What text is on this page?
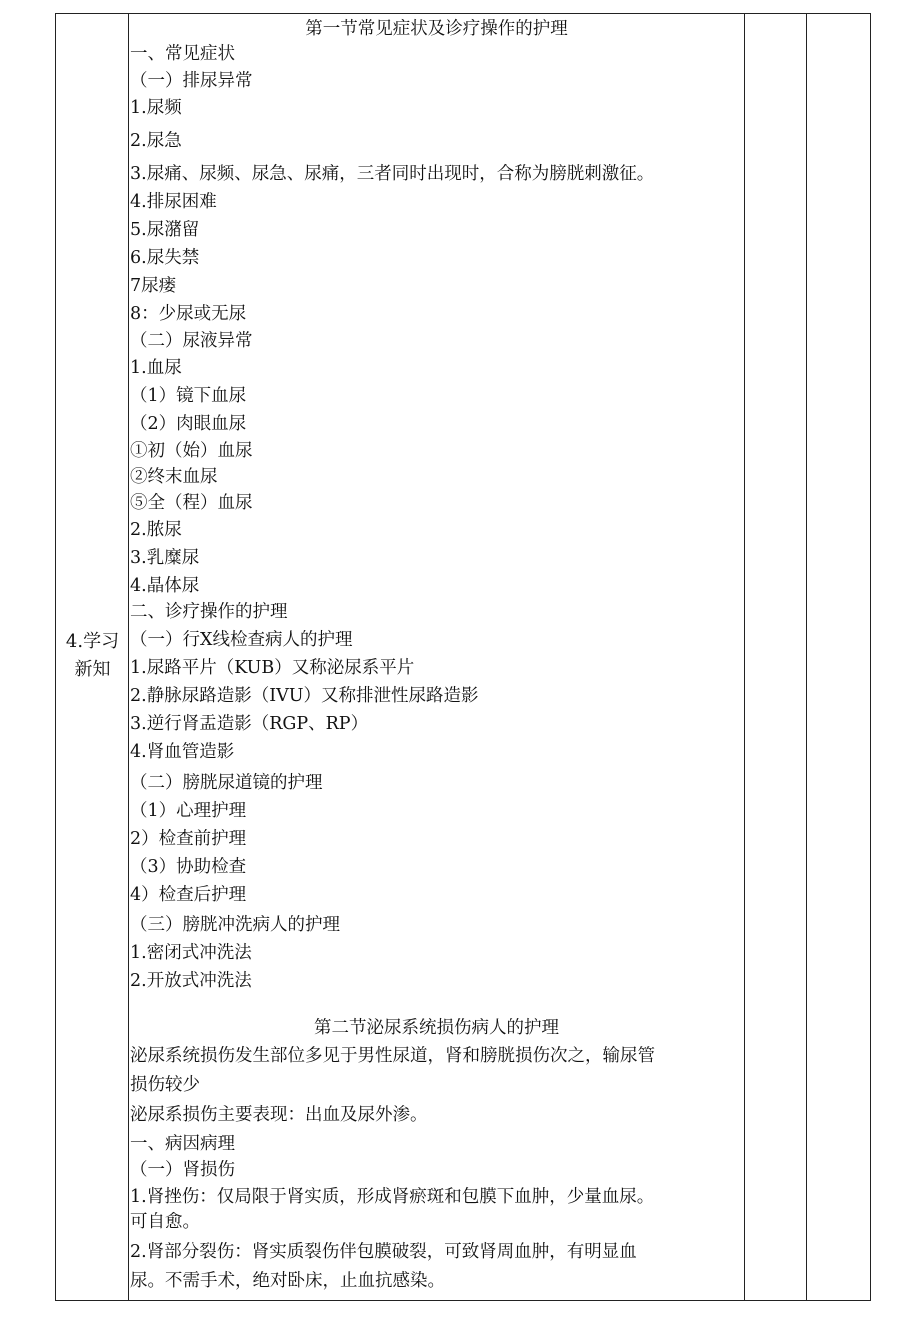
4.学习
新知
第一节常见症状及诊疗操作的护理
一、常见症状
（一）排尿异常
1.尿频
2.尿急
3.尿痛、尿频、尿急、尿痛，三者同时出现时，合称为膀胱刺激征。
4.排尿困难
5.尿潴留
6.尿失禁
7尿瘘
8：少尿或无尿
（二）尿液异常
1.血尿
（1）镜下血尿
（2）肉眼血尿
①初（始）血尿
②终末血尿
⑤全（程）血尿
2.脓尿
3.乳糜尿
4.晶体尿
二、诊疗操作的护理
（一）行X线检查病人的护理
1.尿路平片（KUB）又称泌尿系平片
2.静脉尿路造影（IVU）又称排泄性尿路造影
3.逆行肾盂造影（RGP、RP）
4.肾血管造影
（二）膀胱尿道镜的护理
（1）心理护理
2）检查前护理
（3）协助检查
4）检查后护理
（三）膀胱冲洗病人的护理
1.密闭式冲洗法
2.开放式冲洗法
第二节泌尿系统损伤病人的护理
泌尿系统损伤发生部位多见于男性尿道，肾和膀胱损伤次之，输尿管
损伤较少
泌尿系损伤主要表现：出血及尿外渗。
一、病因病理
（一）肾损伤
1.肾挫伤：仅局限于肾实质，形成肾瘀斑和包膜下血肿，少量血尿。
可自愈。
2.肾部分裂伤：肾实质裂伤伴包膜破裂，可致肾周血肿，有明显血
尿。不需手术，绝对卧床，止血抗感染。
